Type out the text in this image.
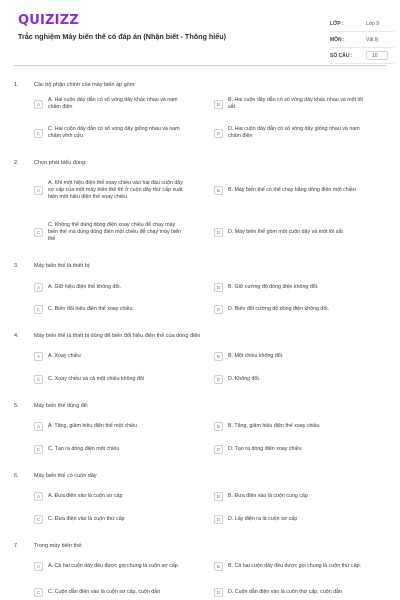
QUIZIZZ
Trắc nghiệm Máy biến thế có đáp án (Nhận biết - Thông hiểu)
LỚP :	Lớp 9
MÔN :	Vật lý
SỐ CÂU :	10
1.	Các bộ phận chính của máy biến áp gồm:
A
A. Hai cuộn dây dẫn có số vòng dây khác nhau và nam châm điện	B
B. Hai cuộn dây dẫn có số vòng dây khác nhau và một lõi sắt
C
C. Hai cuộn dây dẫn có số vòng dây giống nhau và nam châm vĩnh cửu	D
D. Hai cuộn dây dẫn có số vòng dây giống nhau và nam châm điện
2.	Chọn phát biểu đúng:
A
A. Khi một hiệu điện thế xoay chiều vào hai đầu cuộn dây sơ cấp của một máy biến thế thì ở cuộn dây thứ cấp xuất hiện một hiệu điện thế xoay chiều
B	B. Máy biến thế có thể chạy bằng dòng điện một chiều
C
C. Không thể dùng dòng điện xoay chiều để chạy máy biến thế mà dùng dòng điện một chiều để chạy máy biến thế
D	D. Máy biến thế gồm một cuộn dây và một lõi sắt
3.	Máy biến thế là thiết bị:
A	A. Giữ hiệu điện thế không đổi.	B	B. Giữ cường độ dòng điện không đổi.
C	C. Biến đổi hiệu điện thế xoay chiều.	D	D. Biến đổi cường độ dòng điện không đổi.
4.	Máy biến thế là thiết bị dùng để biến đổi hiệu điện thế của dòng điện
A	A. Xoay chiều	B	B. Một chiều không đổi.
C	C. Xoay chiều và cả một chiều không đổi	D	D. Không đổi.
5.	Máy biến thế dùng để:
A	A. Tăng, giảm hiệu điện thế một chiều	B	B. Tăng, giảm hiệu điện thế xoay chiều
C	C. Tạo ra dòng điện một chiều	D	D. Tạo ra dòng điện xoay chiều
6.	Máy biến thế có cuộn dây
A	A. Đưa điện vào là cuộn sơ cấp	B	B. Đưa điện vào là cuộn cung cấp
C	C. Đưa điện vào là cuộn thứ cấp	D	D. Lấy điện ra là cuộn sơ cấp
7.	Trong máy biến thế:
A	A. Cả hai cuộn dây đều được gọi chung là cuộn sơ cấp.	B	B. Cả hai cuộn dây đều được gọi chung là cuộn thứ cấp.
C	C. Cuộn dẫn điện vào là cuộn sơ cấp, cuộn dẫn	D	D. Cuộn dẫn điện vào là cuộn thứ cấp, cuộn dẫn
